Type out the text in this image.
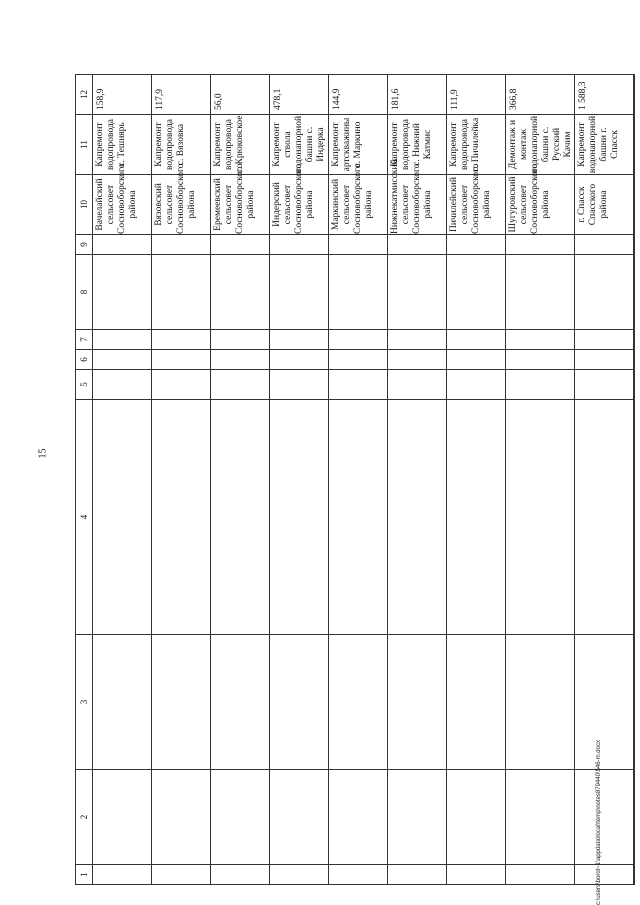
15
c:\users\borot~1\appdata\local\temp\notes879440\546-m.docx
1	2	3	4	5	6	7	8	9	10	11	12
									Вачелайский сельсовет Сосновоборского района	Капремонт водопровода с. Тешнярь	158,9
									Вязовский сельсовет Сосновоборского района	Капремонт водопровода с. Вязовка	117,9
									Еремеевский сельсовет Сосновоборского района	Капремонт водопровода с. Крюковское	56,0
									Индерский сельсовет Сосновоборского района	Капремонт ствола водонапорной башни с. Индерка	478,1
									Маркинский сельсовет Сосновоборского района	Капремонт артскважины с. Маркино	144,9
									Нижнекатмисский сельсовет Сосновоборского района	Капремонт водопровода с. Нижний Катмис	181,6
									Пичилейский сельсовет Сосновоборского района	Капремонт водопровода с. Пичилейка	111,9
									Шугуровский сельсовет Сосновоборского района	Демонтаж и монтаж водонапорной башни с. Русский Качим	366,8
									г. Спасск Спасского района	Капремонт водонапорной башни г. Спасск	1 588,3
